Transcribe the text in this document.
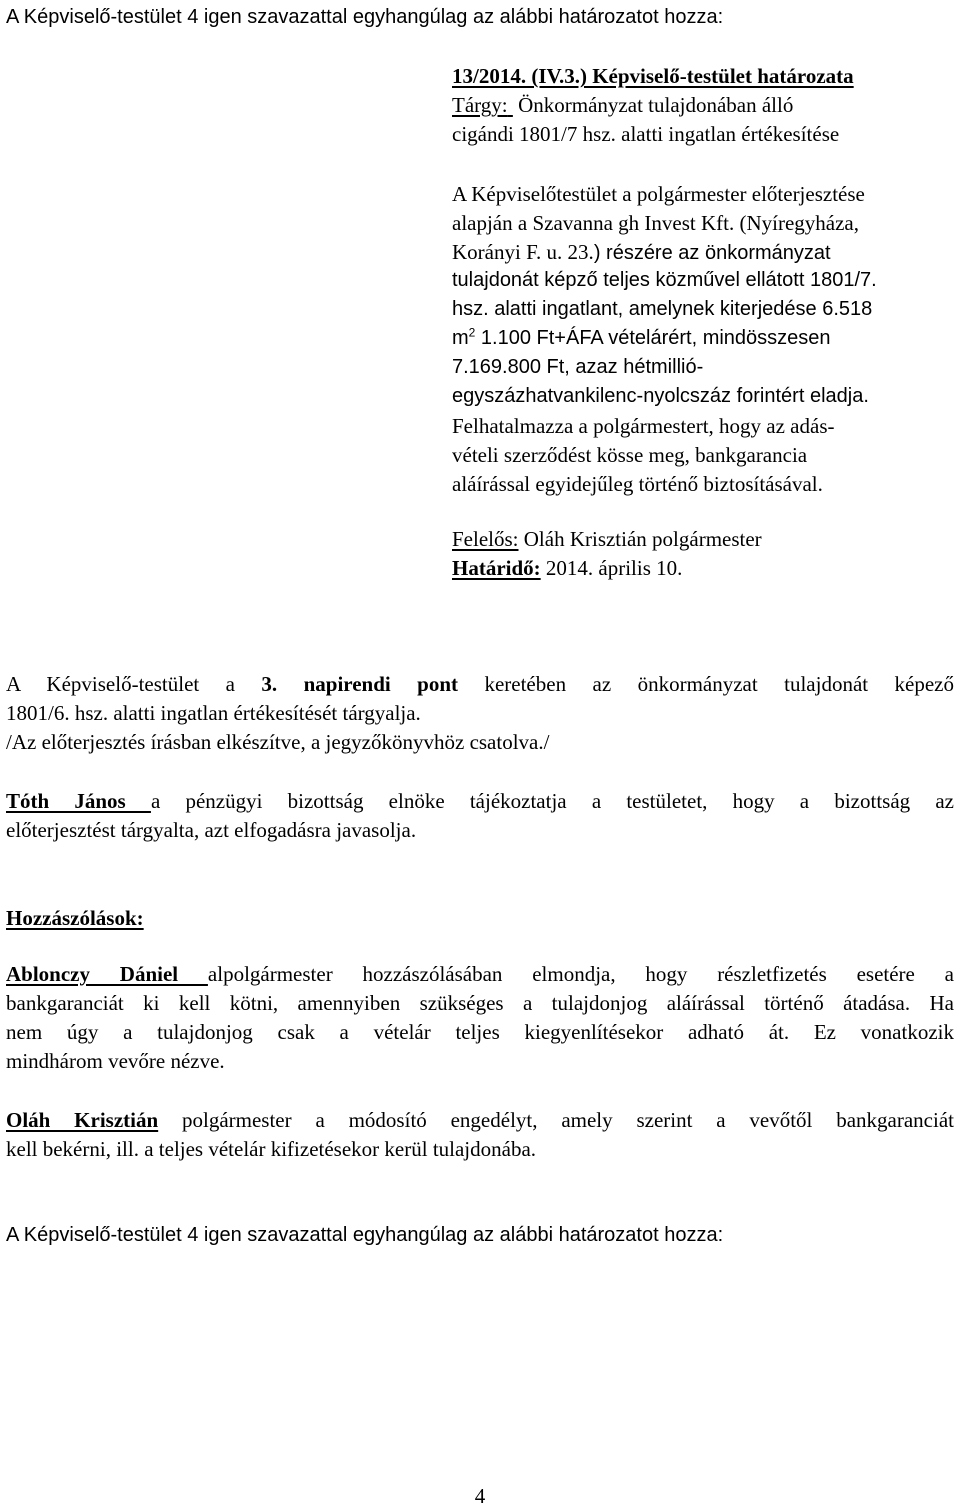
A Képviselő-testület 4 igen szavazattal egyhangúlag az alábbi határozatot hozza:
13/2014. (IV.3.) Képviselő-testület határozata
Tárgy:  Önkormányzat tulajdonában álló
cigándi 1801/7 hsz. alatti ingatlan értékesítése
A Képviselőtestület a polgármester előterjesztése
alapján a Szavanna gh Invest Kft. (Nyíregyháza,
Korányi F. u. 23.) részére az önkormányzat
tulajdonát képző teljes közművel ellátott 1801/7.
hsz. alatti ingatlant, amelynek kiterjedése 6.518
$m^2$ 1.100 Ft+ÁFA vételárért, mindösszesen
7.169.800 Ft, azaz hétmillió-
egyszázhatvankilenc-nyolcszáz forintért eladja.
Felhatalmazza a polgármestert, hogy az adás-
vételi szerződést kösse meg, bankgarancia
aláírással egyidejűleg történő biztosításával.
Felelős: Oláh Krisztián polgármester
Határidő: 2014. április 10.
A Képviselő-testület a 3. napirendi pont keretében az önkormányzat tulajdonát képező
1801/6. hsz. alatti ingatlan értékesítését tárgyalja.
/Az előterjesztés írásban elkészítve, a jegyzőkönyvhöz csatolva./
Tóth János a pénzügyi bizottság elnöke tájékoztatja a testületet, hogy a bizottság az
előterjesztést tárgyalta, azt elfogadásra javasolja.
Hozzászólások:
Ablonczy Dániel alpolgármester hozzászólásában elmondja, hogy részletfizetés esetére a
bankgaranciát ki kell kötni, amennyiben szükséges a tulajdonjog aláírással történő átadása. Ha
nem úgy a tulajdonjog csak a vételár teljes kiegyenlítésekor adható át. Ez vonatkozik
mindhárom vevőre nézve.
Oláh Krisztián polgármester a módosító engedélyt, amely szerint a vevőtől bankgaranciát
kell bekérni, ill. a teljes vételár kifizetésekor kerül tulajdonába.
A Képviselő-testület 4 igen szavazattal egyhangúlag az alábbi határozatot hozza:
4
